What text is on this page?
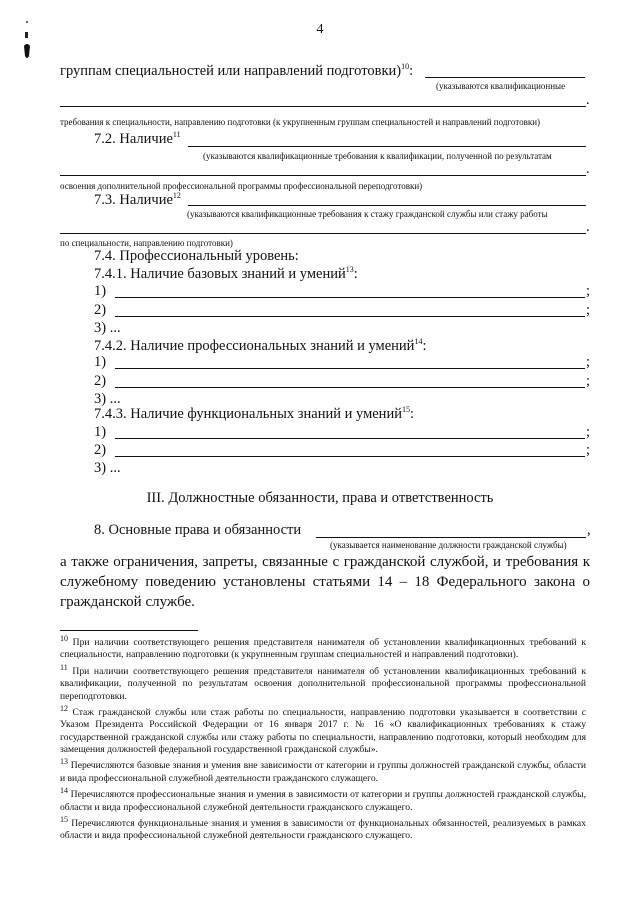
4
группам специальностей или направлений подготовки)$^{10}$:
(указываются квалификационные
.
требования к специальности, направлению подготовки (к укрупненным группам специальностей и направлений подготовки)
7.2. Наличие$^{11}$
(указываются квалификационные требования к квалификации, полученной по результатам
.
освоения дополнительной профессиональной программы профессиональной переподготовки)
7.3. Наличие$^{12}$
(указываются квалификационные требования к стажу гражданской службы или стажу работы
.
по специальности, направлению подготовки)
7.4. Профессиональный уровень:
7.4.1. Наличие базовых знаний и умений$^{13}$:
1)	;
2)	;
3) ...
7.4.2. Наличие профессиональных знаний и умений$^{14}$:
1)	;
2)	;
3) ...
7.4.3. Наличие функциональных знаний и умений$^{15}$:
1)	;
2)	;
3) ...
III. Должностные обязанности, права и ответственность
8. Основные права и обязанности	,
(указывается наименование должности гражданской службы)
а также ограничения, запреты, связанные с гражданской службой, и требования к служебному поведению установлены статьями 14 – 18 Федерального закона о гражданской службе.
$^{10}$ При наличии соответствующего решения представителя нанимателя об установлении квалификационных требований к специальности, направлению подготовки (к укрупненным группам специальностей и направлений подготовки).
$^{11}$ При наличии соответствующего решения представителя нанимателя об установлении квалификационных требований к квалификации, полученной по результатам освоения дополнительной профессиональной программы профессиональной переподготовки.
$^{12}$ Стаж гражданской службы или стаж работы по специальности, направлению подготовки указывается в соответствии с Указом Президента Российской Федерации от 16 января 2017 г. № 16 «О квалификационных требованиях к стажу государственной гражданской службы или стажу работы по специальности, направлению подготовки, который необходим для замещения должностей федеральной государственной гражданской службы».
$^{13}$ Перечисляются базовые знания и умения вне зависимости от категории и группы должностей гражданской службы, области и вида профессиональной служебной деятельности гражданского служащего.
$^{14}$ Перечисляются профессиональные знания и умения в зависимости от категории и группы должностей гражданской службы, области и вида профессиональной служебной деятельности гражданского служащего.
$^{15}$ Перечисляются функциональные знания и умения в зависимости от функциональных обязанностей, реализуемых в рамках области и вида профессиональной служебной деятельности гражданского служащего.
